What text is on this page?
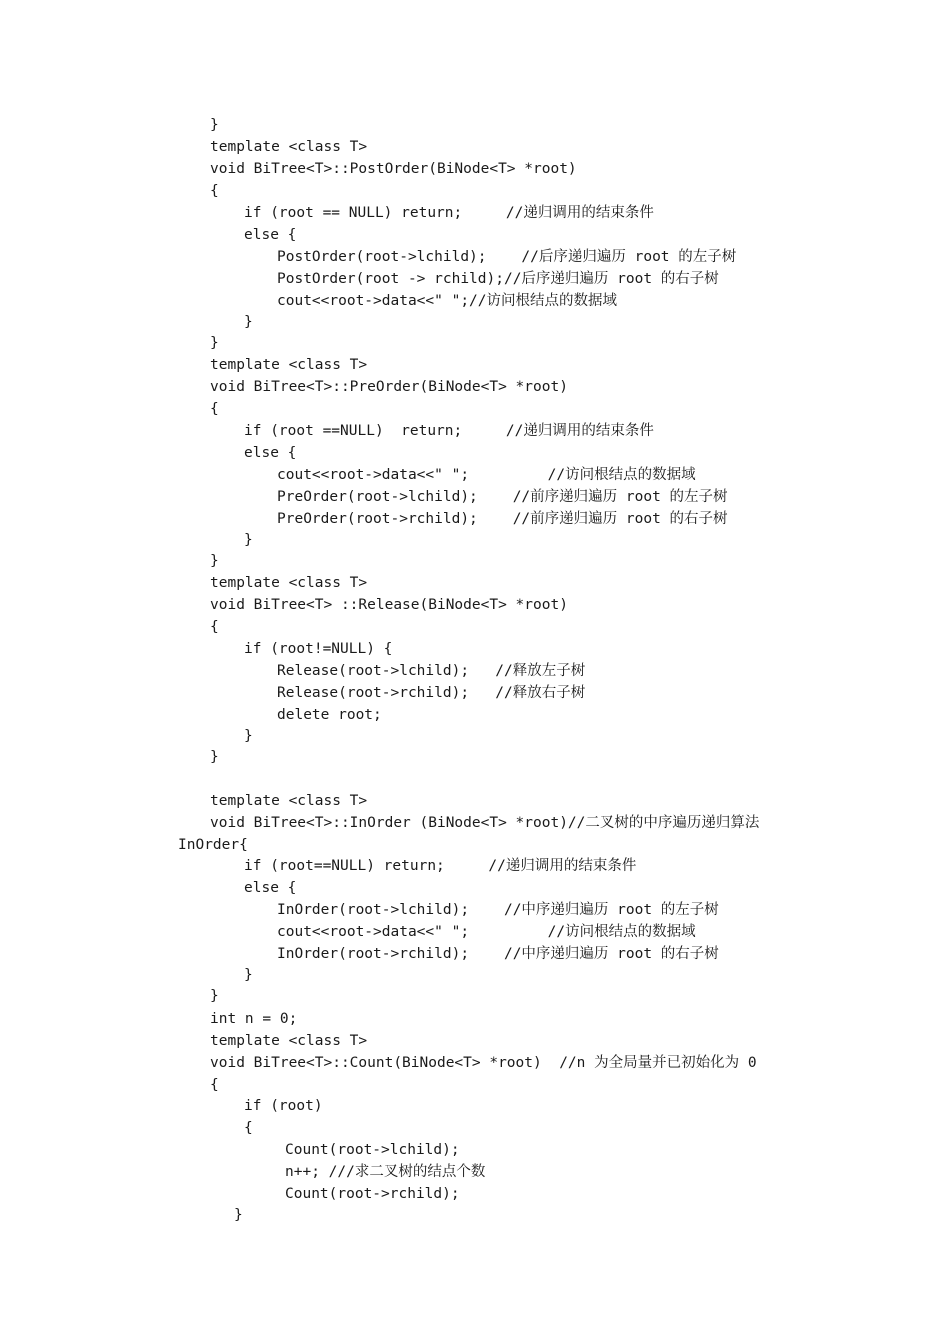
}
template <class T>
void BiTree<T>::PostOrder(BiNode<T> *root)
{
if (root == NULL) return;     //递归调用的结束条件
else {
PostOrder(root->lchild);    //后序递归遍历 root 的左子树
PostOrder(root -> rchild);//后序递归遍历 root 的右子树
cout<<root->data<<" ";//访问根结点的数据域
}
}
template <class T>
void BiTree<T>::PreOrder(BiNode<T> *root)
{
if (root ==NULL)  return;     //递归调用的结束条件
else {
cout<<root->data<<" ";         //访问根结点的数据域
PreOrder(root->lchild);    //前序递归遍历 root 的左子树
PreOrder(root->rchild);    //前序递归遍历 root 的右子树
}
}
template <class T>
void BiTree<T> ::Release(BiNode<T> *root)
{
if (root!=NULL) {
Release(root->lchild);   //释放左子树
Release(root->rchild);   //释放右子树
delete root;
}
}
template <class T>
void BiTree<T>::InOrder (BiNode<T> *root)//二叉树的中序遍历递归算法
InOrder{
if (root==NULL) return;     //递归调用的结束条件
else {
InOrder(root->lchild);    //中序递归遍历 root 的左子树
cout<<root->data<<" ";         //访问根结点的数据域
InOrder(root->rchild);    //中序递归遍历 root 的右子树
}
}
int n = 0;
template <class T>
void BiTree<T>::Count(BiNode<T> *root)  //n 为全局量并已初始化为 0
{
if (root)
{
Count(root->lchild);
n++; ///求二叉树的结点个数
Count(root->rchild);
}
